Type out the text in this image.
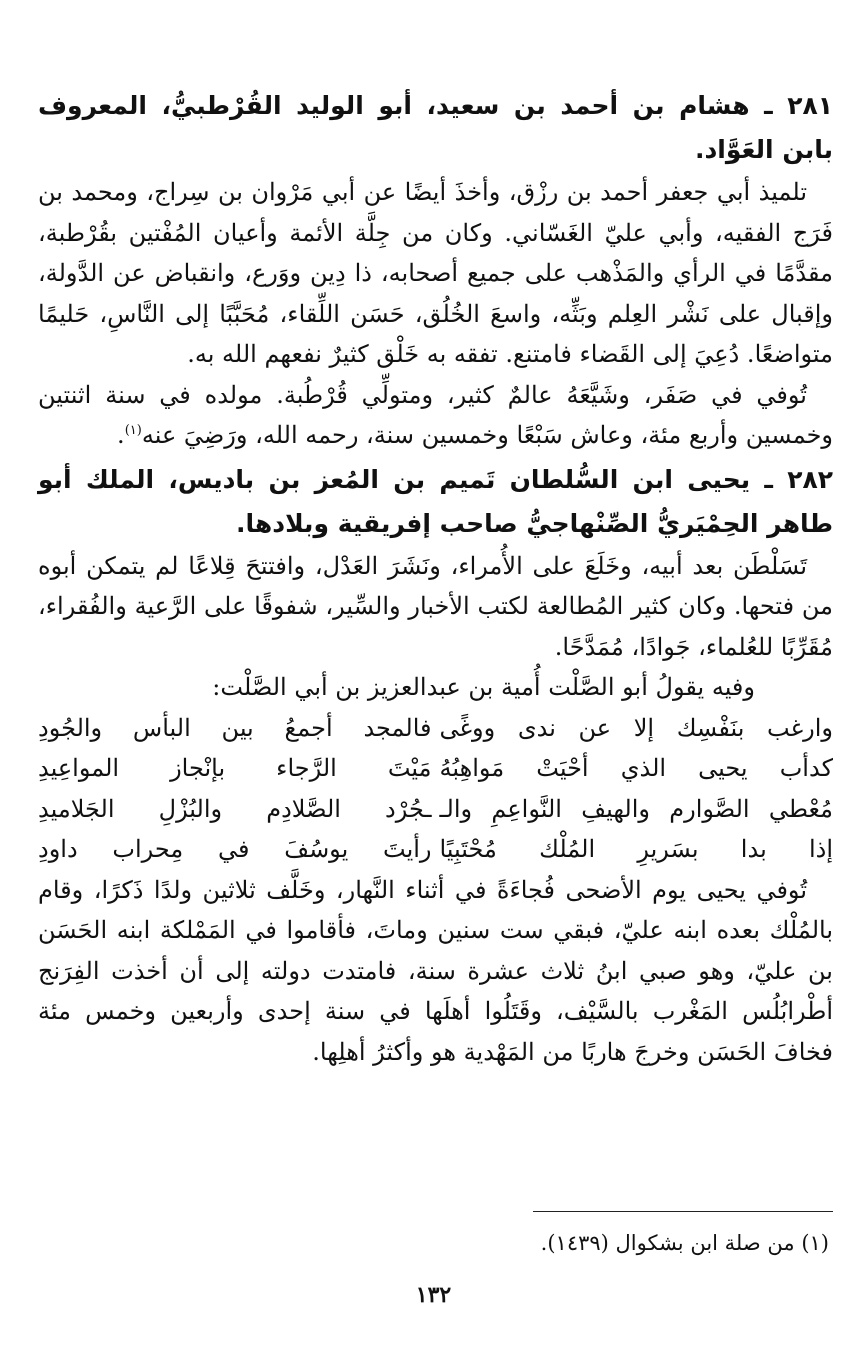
٢٨١ ـ هشام بن أحمد بن سعيد، أبو الوليد القُرْطبيُّ، المعروف بابن العَوَّاد.

تلميذ أبي جعفر أحمد بن رزْق، وأخذَ أيضًا عن أبي مَرْوان بن سِراج، ومحمد بن فَرَج الفقيه، وأبي عليّ الغَسّاني. وكان من جِلَّة الأئمة وأعيان المُفْتين بقُرْطبة، مقدَّمًا في الرأي والمَذْهب على جميع أصحابه، ذا دِين ووَرع، وانقباض عن الدَّولة، وإقبال على نَشْر العِلم وبَثِّه، واسعَ الخُلُق، حَسَن اللِّقاء، مُحَبَّبًا إلى النَّاسِ، حَليمًا متواضعًا. دُعِيَ إلى القَضاء فامتنع. تفقه به خَلْق كثيرٌ نفعهم الله به.

تُوفي في صَفَر، وشَيَّعَهُ عالمٌ كثير، ومتولِّي قُرْطُبة. مولده في سنة اثنتين وخمسين وأربع مئة، وعاش سَبْعًا وخمسين سنة، رحمه الله، ورَضِيَ عنه$^{(١)}$.

٢٨٢ ـ يحيى ابن السُّلطان تَميم بن المُعز بن باديس، الملك أبو طاهر الحِمْيَريُّ الصِّنْهاجيُّ صاحب إفريقية وبلادها.

تَسَلْطَن بعد أبيه، وخَلَعَ على الأُمراء، ونَشَرَ العَدْل، وافتتحَ قِلاعًا لم يتمكن أبوه من فتحها. وكان كثير المُطالعة لكتب الأخبار والسِّير، شفوقًا على الرَّعية والفُقراء، مُقَرِّبًا للعُلماء، جَوادًا، مُمَدَّحًا.

وفيه يقولُ أبو الصَّلْت أُمية بن عبدالعزيز بن أبي الصَّلْت:

وارغب بنَفْسِك إلا عن ندى ووغًى
فالمجد أجمعُ بين البأس والجُودِ
كدأب يحيى الذي أحْيَتْ مَواهِبُهُ
مَيْتَ الرَّجاء بإنْجاز المواعِيدِ
مُعْطي الصَّوارم والهيفِ النَّواعِمِ والـ
ـجُرْد الصَّلادِم والبُزْلِ الجَلاميدِ
إذا بدا بسَريرِ المُلْك مُحْتَبِيًا
رأيتَ يوسُفَ في مِحراب داودِ

تُوفي يحيى يوم الأضحى فُجاءَةً في أثناء النَّهار، وخَلَّف ثلاثين ولدًا ذَكرًا، وقام بالمُلْك بعده ابنه عليّ، فبقي ست سنين وماتَ، فأقاموا في المَمْلكة ابنه الحَسَن بن عليّ، وهو صبي ابنُ ثلاث عشرة سنة، فامتدت دولته إلى أن أخذت الفِرَنج أطْرابُلُس المَغْرب بالسَّيْف، وقَتَلُوا أهلَها في سنة إحدى وأربعين وخمس مئة فخافَ الحَسَن وخرجَ هاربًا من المَهْدية هو وأكثرُ أهلِها.

(١) من صلة ابن بشكوال (١٤٣٩).
١٣٢
